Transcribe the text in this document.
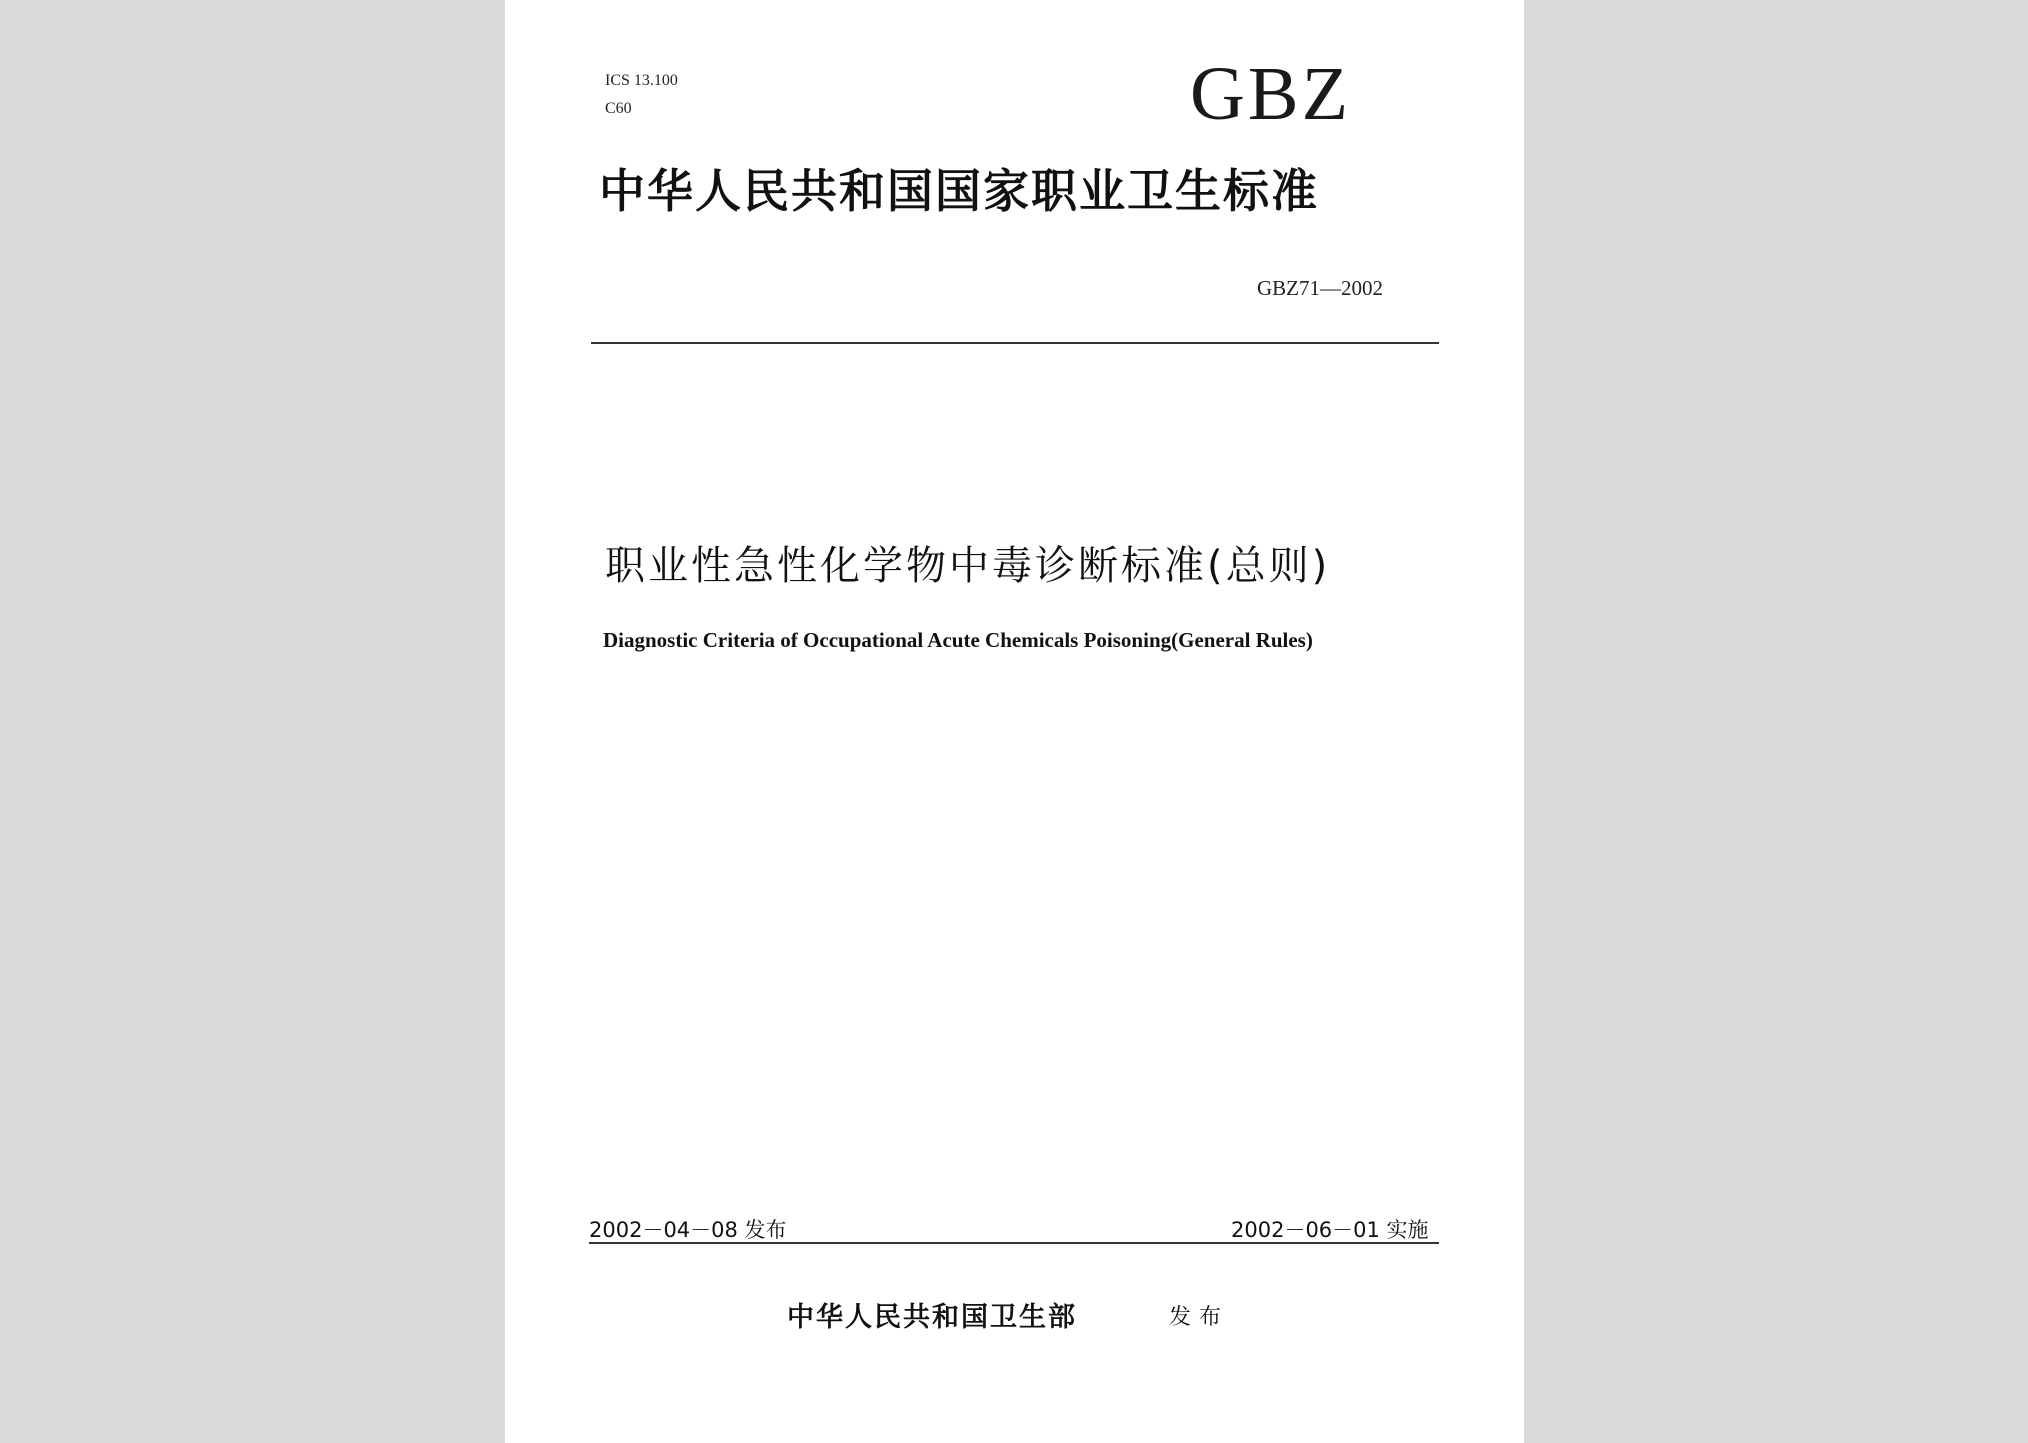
ICS 13.100
C60	GBZ
中华人民共和国国家职业卫生标准
GBZ71—2002
职业性急性化学物中毒诊断标准(总则)
Diagnostic Criteria of Occupational Acute Chemicals Poisoning(General Rules)
2002－04－08 发布	2002－06－01 实施
中华人民共和国卫生部	发布
